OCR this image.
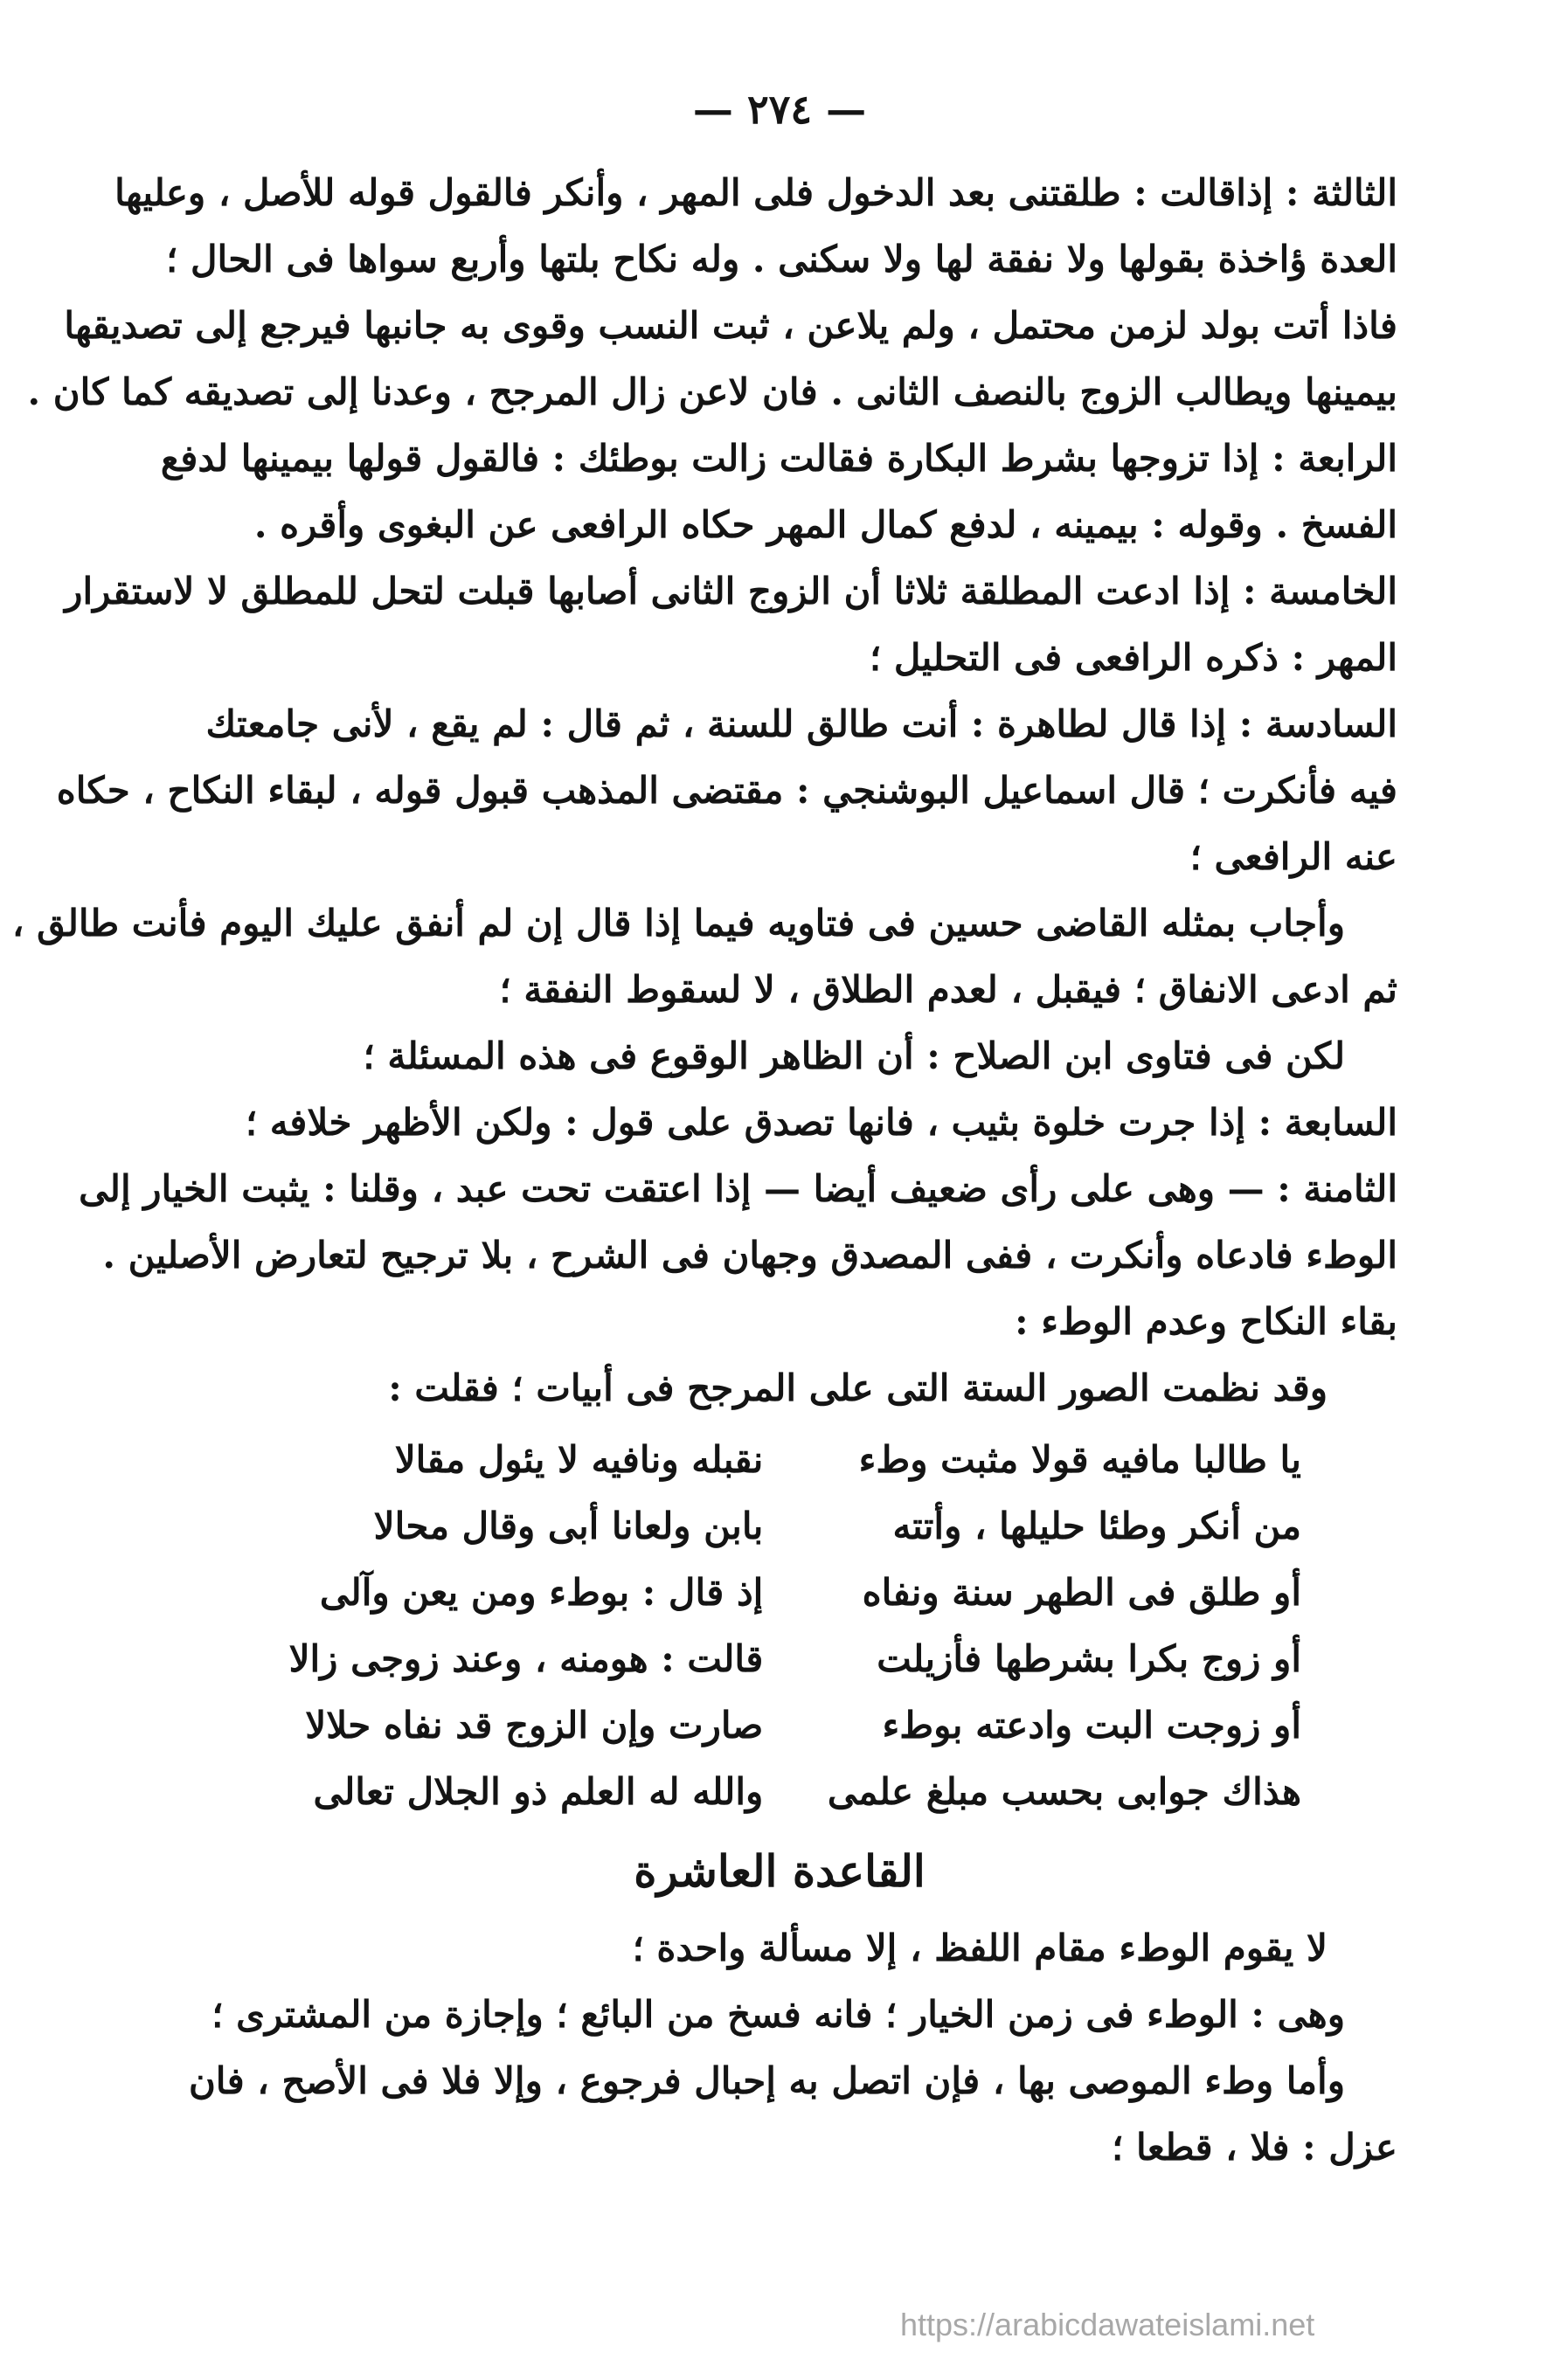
— ٢٧٤ —
الثالثة : إذاقالت : طلقتنى بعد الدخول فلى المهر ، وأنكر فالقول قوله للأصل ، وعليها
العدة ؤاخذة بقولها ولا نفقة لها ولا سكنى . وله نكاح بلتها وأربع سواها فى الحال ؛
فاذا أتت بولد لزمن محتمل ، ولم يلاعن ، ثبت النسب وقوى به جانبها فيرجع إلى تصديقها
بيمينها ويطالب الزوج بالنصف الثانى . فان لاعن زال المرجح ، وعدنا إلى تصديقه كما كان .
الرابعة : إذا تزوجها بشرط البكارة فقالت زالت بوطئك : فالقول قولها بيمينها لدفع
الفسخ . وقوله : بيمينه ، لدفع كمال المهر حكاه الرافعى عن البغوى وأقره .
الخامسة : إذا ادعت المطلقة ثلاثا أن الزوج الثانى أصابها قبلت لتحل للمطلق لا لاستقرار
المهر : ذكره الرافعى فى التحليل ؛
السادسة : إذا قال لطاهرة : أنت طالق للسنة ، ثم قال : لم يقع ، لأنى جامعتك
فيه فأنكرت ؛ قال اسماعيل البوشنجي : مقتضى المذهب قبول قوله ، لبقاء النكاح ، حكاه
عنه الرافعى ؛
وأجاب بمثله القاضى حسين فى فتاويه فيما إذا قال إن لم أنفق عليك اليوم فأنت طالق ،
ثم ادعى الانفاق ؛ فيقبل ، لعدم الطلاق ، لا لسقوط النفقة ؛
لكن فى فتاوى ابن الصلاح : أن الظاهر الوقوع فى هذه المسئلة ؛
السابعة : إذا جرت خلوة بثيب ، فانها تصدق على قول : ولكن الأظهر خلافه ؛
الثامنة : — وهى على رأى ضعيف أيضا — إذا اعتقت تحت عبد ، وقلنا : يثبت الخيار إلى
الوطء فادعاه وأنكرت ، ففى المصدق وجهان فى الشرح ، بلا ترجيح لتعارض الأصلين .
بقاء النكاح وعدم الوطء :
وقد نظمت الصور الستة التى على المرجح فى أبيات ؛ فقلت :
يا طالبا مافيه قولا مثبت وطء
نقبله ونافيه لا يئول مقالا
من أنكر وطئا حليلها ، وأتته
بابن ولعانا أبى وقال محالا
أو طلق فى الطهر سنة ونفاه
إذ قال : بوطء ومن يعن وآلى
أو زوج بكرا بشرطها فأزيلت
قالت : هومنه ، وعند زوجى زالا
أو زوجت البت وادعته بوطء
صارت وإن الزوج قد نفاه حلالا
هذاك جوابى بحسب مبلغ علمى
والله له العلم ذو الجلال تعالى
القاعدة العاشرة
لا يقوم الوطء مقام اللفظ ، إلا مسألة واحدة ؛
وهى : الوطء فى زمن الخيار ؛ فانه فسخ من البائع ؛ وإجازة من المشترى ؛
وأما وطء الموصى بها ، فإن اتصل به إحبال فرجوع ، وإلا فلا فى الأصح ، فان
عزل : فلا ، قطعا ؛
https://arabicdawateislami.net
